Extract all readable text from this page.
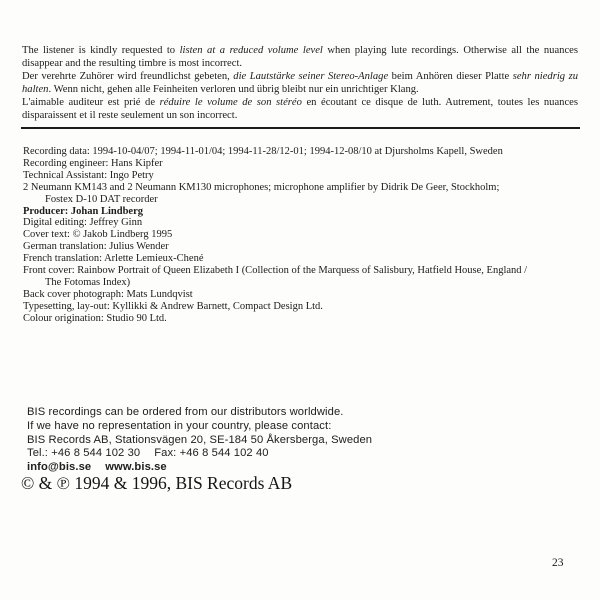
The listener is kindly requested to listen at a reduced volume level when playing lute recordings. Otherwise all the nuances disappear and the resulting timbre is most incorrect.

Der verehrte Zuhörer wird freundlichst gebeten, die Lautstärke seiner Stereo-Anlage beim Anhören dieser Platte sehr niedrig zu halten. Wenn nicht, gehen alle Feinheiten verloren und übrig bleibt nur ein unrichtiger Klang.

L'aimable auditeur est prié de réduire le volume de son stéréo en écoutant ce disque de luth. Autrement, toutes les nuances disparaissent et il reste seulement un son incorrect.

Recording data: 1994-10-04/07; 1994-11-01/04; 1994-11-28/12-01; 1994-12-08/10 at Djursholms Kapell, Sweden
Recording engineer: Hans Kipfer
Technical Assistant: Ingo Petry
2 Neumann KM143 and 2 Neumann KM130 microphones; microphone amplifier by Didrik De Geer, Stockholm;
Fostex D-10 DAT recorder
Producer: Johan Lindberg
Digital editing: Jeffrey Ginn
Cover text: © Jakob Lindberg 1995
German translation: Julius Wender
French translation: Arlette Lemieux-Chené
Front cover: Rainbow Portrait of Queen Elizabeth I (Collection of the Marquess of Salisbury, Hatfield House, England /
The Fotomas Index)
Back cover photograph: Mats Lundqvist
Typesetting, lay-out: Kyllikki & Andrew Barnett, Compact Design Ltd.
Colour origination: Studio 90 Ltd.
BIS recordings can be ordered from our distributors worldwide.
If we have no representation in your country, please contact:
BIS Records AB, Stationsvägen 20, SE-184 50 Åkersberga, Sweden
Tel.: +46 8 544 102 30 Fax: +46 8 544 102 40
info@bis.se www.bis.se
© & ℗ 1994 & 1996, BIS Records AB
23
